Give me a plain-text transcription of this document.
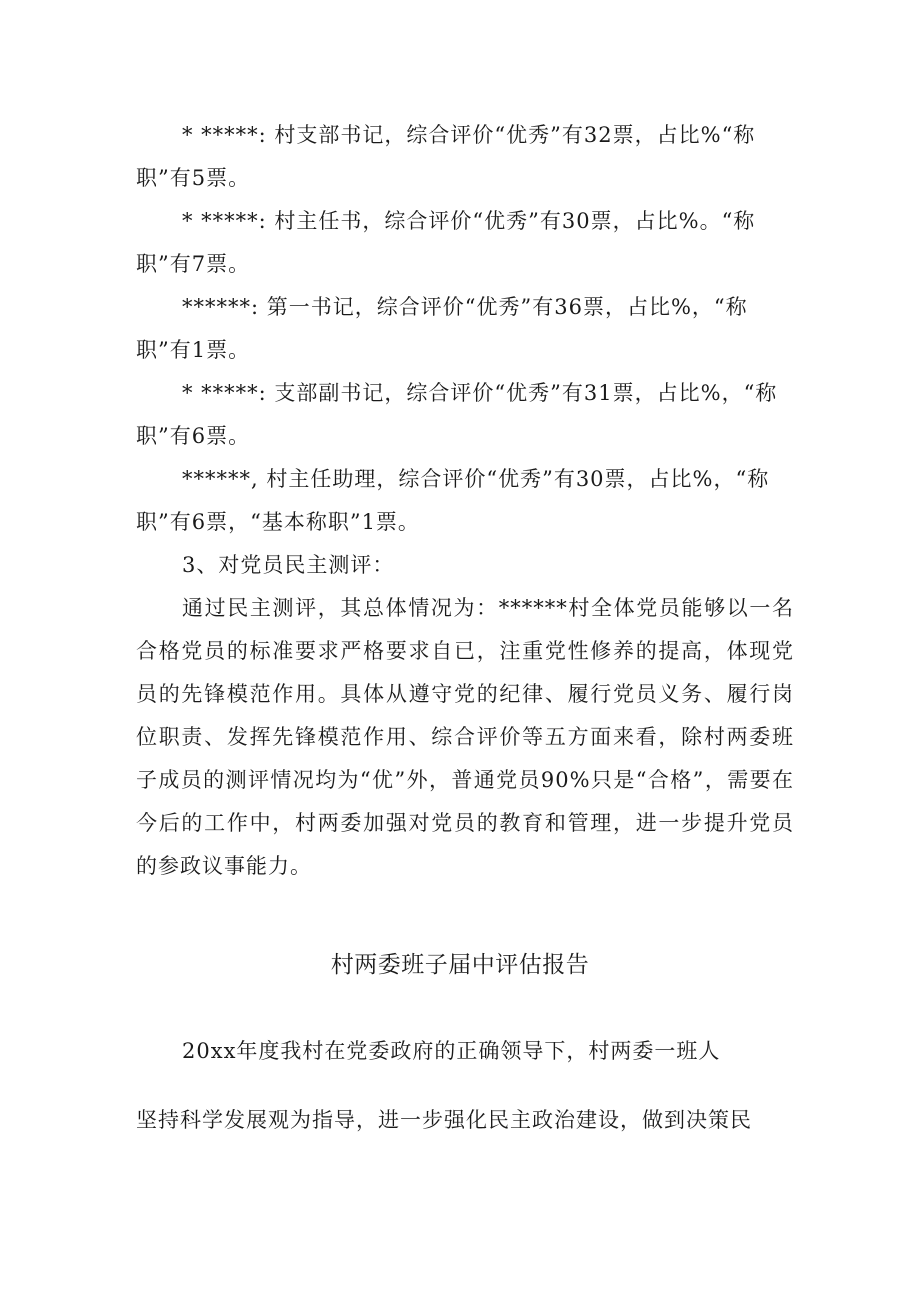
* *****: 村支部书记，综合评价“优秀”有32票，占比%“称
职”有5票。
* *****: 村主任书，综合评价“优秀”有30票，占比%。“称
职”有7票。
******: 第一书记，综合评价“优秀”有36票，占比%，“称
职”有1票。
* *****: 支部副书记，综合评价“优秀”有31票，占比%，“称
职”有6票。
******, 村主任助理，综合评价“优秀”有30票，占比%，“称
职”有6票，“基本称职”1票。
3、对党员民主测评：

通过民主测评，其总体情况为：******村全体党员能够以一名合格党员的标准要求严格要求自已，注重党性修养的提高，体现党员的先锋模范作用。具体从遵守党的纪律、履行党员义务、履行岗位职责、发挥先锋模范作用、综合评价等五方面来看，除村两委班子成员的测评情况均为“优”外，普通党员90%只是“合格”，需要在今后的工作中，村两委加强对党员的教育和管理，进一步提升党员的参政议事能力。

村两委班子届中评估报告
20xx年度我村在党委政府的正确领导下，村两委一班人
坚持科学发展观为指导，进一步强化民主政治建设，做到决策民
